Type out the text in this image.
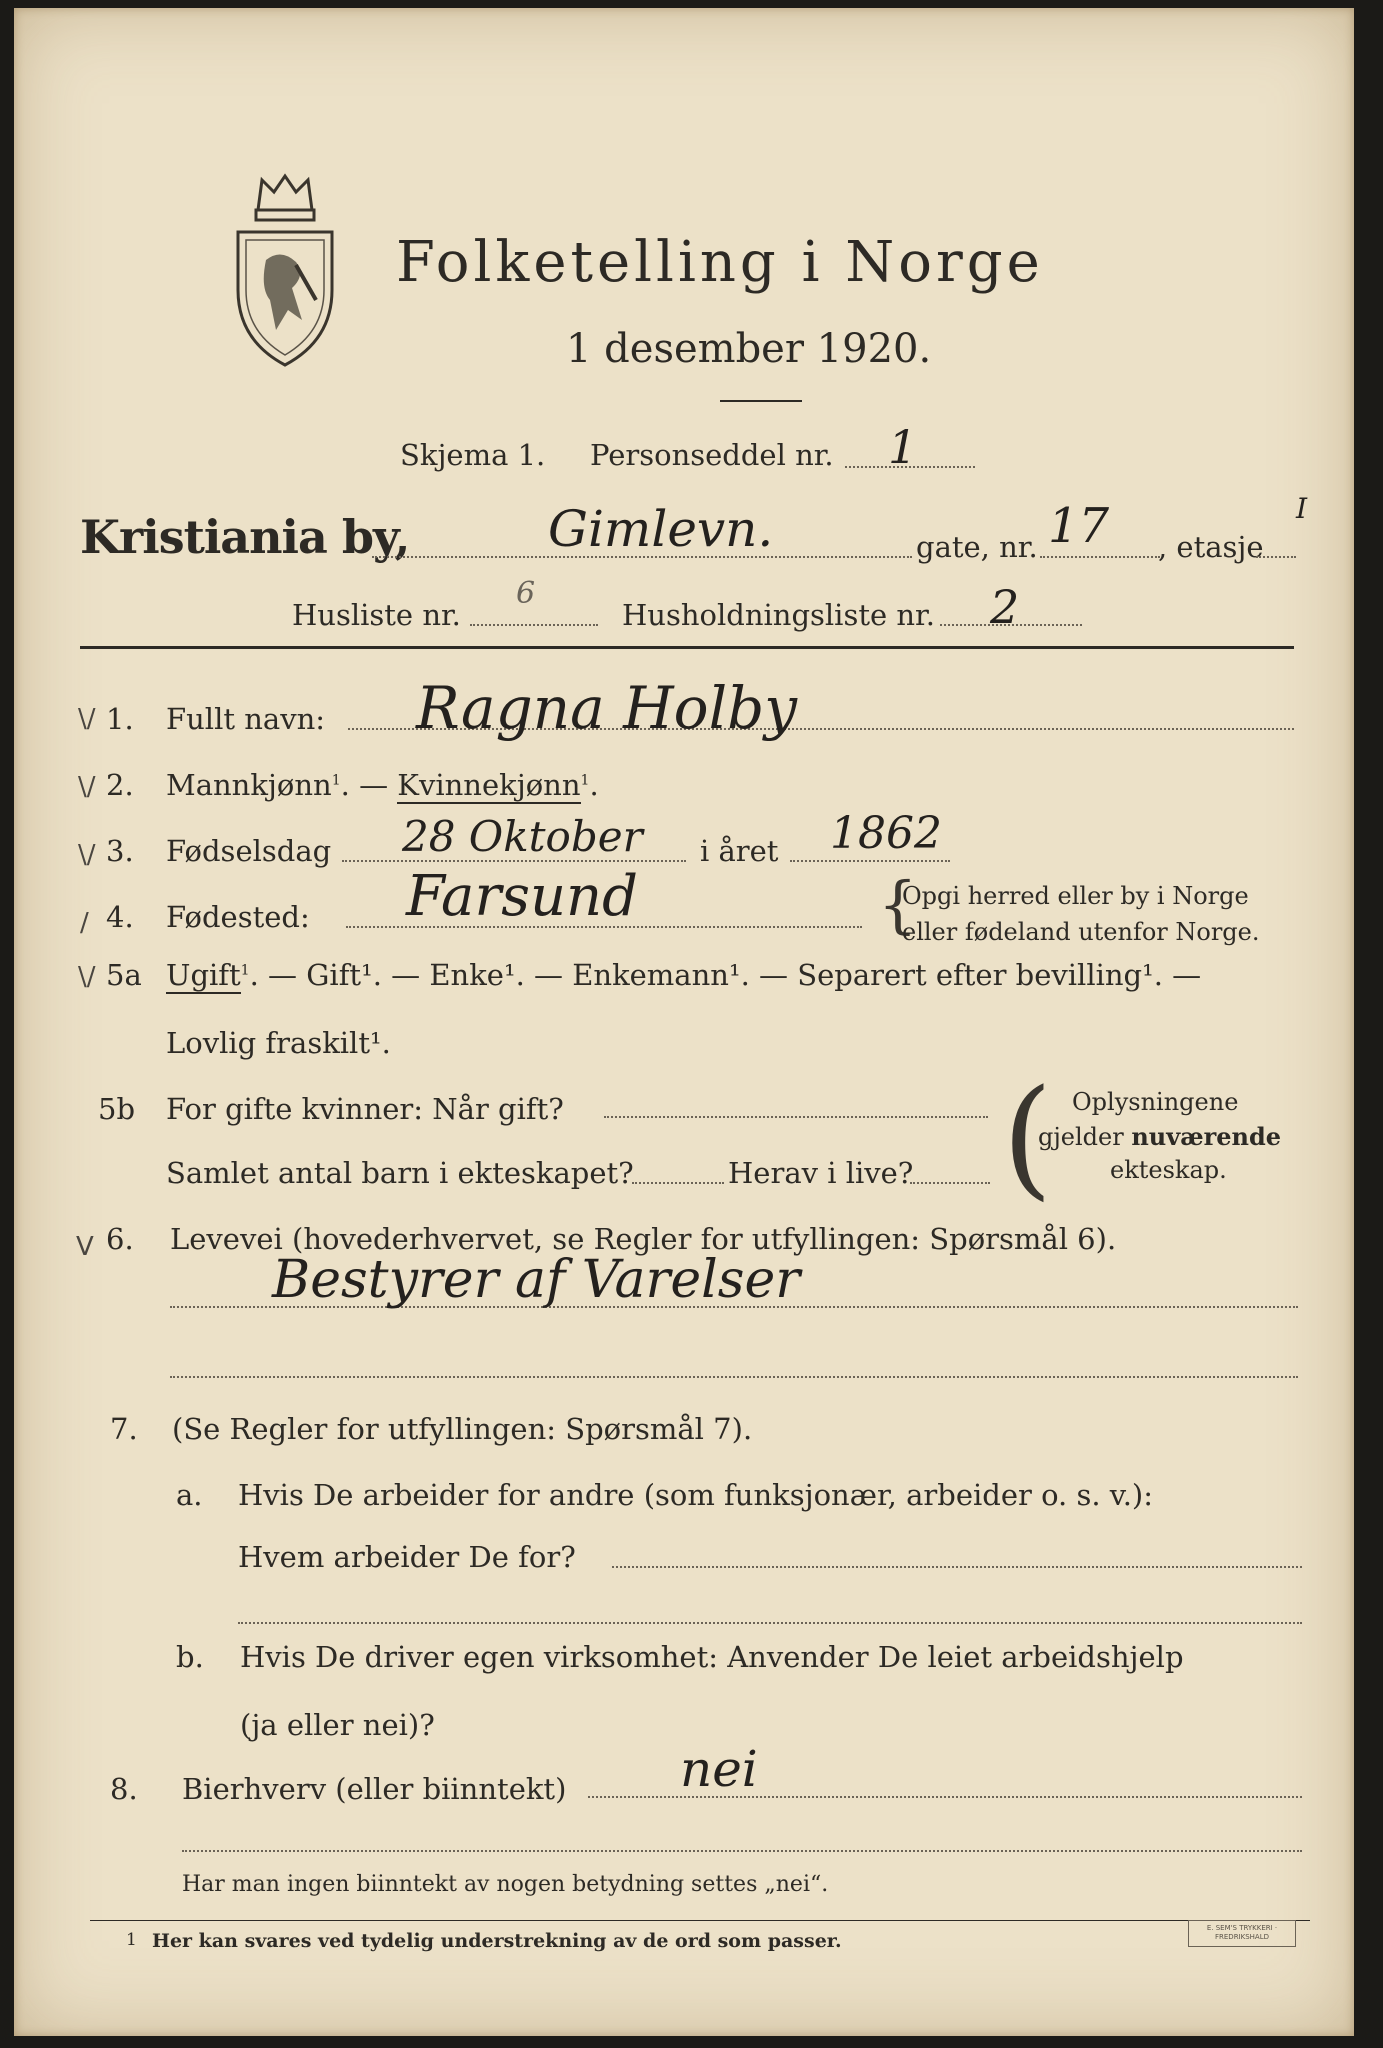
Folketelling i Norge
1 desember 1920.
Skjema 1. Personseddel nr. 1
Kristiania by,	Gimlevn.	gate, nr. 17 , etasje
I
Husliste nr.
6
Husholdningsliste nr. 2
\/ 1. Fullt navn: Ragna Holby
\/ 2. Mannkjønn$^1$. — Kvinnekjønn$^1$.
\/ 3. Fødselsdag 28 Oktober i året 1862
/ 4. Fødested: Farsund	{
Opgi herred eller by i Norge
eller fødeland utenfor Norge.
\/ 5a Ugift$^1$. — Gift¹. — Enke¹. — Enkemann¹. — Separert efter bevilling¹. —
Lovlig fraskilt¹.
5b For gifte kvinner: Når gift?
Samlet antal barn i ekteskapet?	Herav i live? ( Oplysningene
gjelder nuværende
ekteskap.
V 6. Levevei (hovederhvervet, se Regler for utfyllingen: Spørsmål 6).
Bestyrer af Varelser
7. (Se Regler for utfyllingen: Spørsmål 7).
a. Hvis De arbeider for andre (som funksjonær, arbeider o. s. v.):
Hvem arbeider De for?
b. Hvis De driver egen virksomhet: Anvender De leiet arbeidshjelp
(ja eller nei)?
8. Bierhverv (eller biinntekt) nei
Har man ingen biinntekt av nogen betydning settes „nei“.
1 Her kan svares ved tydelig understrekning av de ord som passer.
E. SEM'S TRYKKERI · FREDRIKSHALD
